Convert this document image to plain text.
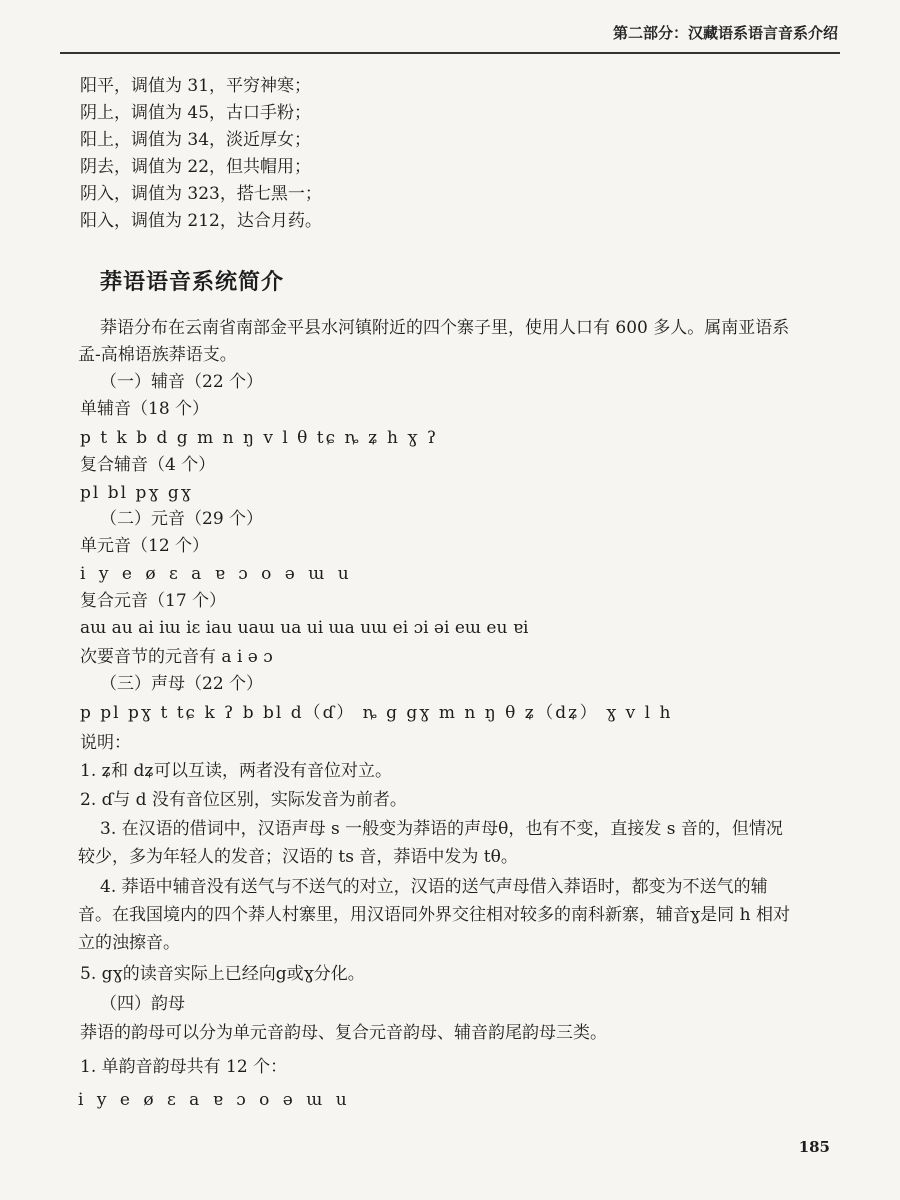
第二部分：汉藏语系语言音系介绍
阳平，调值为 31，平穷神寒；
阴上，调值为 45，古口手粉；
阳上，调值为 34，淡近厚女；
阴去，调值为 22，但共帽用；
阴入，调值为 323，搭七黑一；
阳入，调值为 212，达合月药。
莽语语音系统简介
莽语分布在云南省南部金平县水河镇附近的四个寨子里，使用人口有 600 多人。属南亚语系
孟-高棉语族莽语支。
（一）辅音（22 个）
单辅音（18 个）
p t k b d g m n ŋ v l θ tɕ ȵ ʑ h ɣ ʔ
复合辅音（4 个）
pl bl pɣ gɣ
（二）元音（29 个）
单元音（12 个）
i y e ø ɛ a ɐ ɔ o ə ɯ u
复合元音（17 个）
aɯ au ai iɯ iɛ iau uaɯ ua ui ɯa uɯ ei ɔi əi eɯ eu ɐi
次要音节的元音有 a i ə ɔ
（三）声母（22 个）
p pl pɣ t tɕ k ʔ b bl d（ɗ） ȵ g gɣ m n ŋ θ ʑ（dʑ） ɣ v l h
说明：
1. ʑ和 dʑ可以互读，两者没有音位对立。
2. ɗ与 d 没有音位区别，实际发音为前者。
3. 在汉语的借词中，汉语声母 s 一般变为莽语的声母θ，也有不变，直接发 s 音的，但情况
较少，多为年轻人的发音；汉语的 ts 音，莽语中发为 tθ。
4. 莽语中辅音没有送气与不送气的对立，汉语的送气声母借入莽语时，都变为不送气的辅
音。在我国境内的四个莽人村寨里，用汉语同外界交往相对较多的南科新寨，辅音ɣ是同 h 相对
立的浊擦音。
5. gɣ的读音实际上已经向g或ɣ分化。
（四）韵母
莽语的韵母可以分为单元音韵母、复合元音韵母、辅音韵尾韵母三类。
1. 单韵音韵母共有 12 个：
i y e ø ɛ a ɐ ɔ o ə ɯ u
185
